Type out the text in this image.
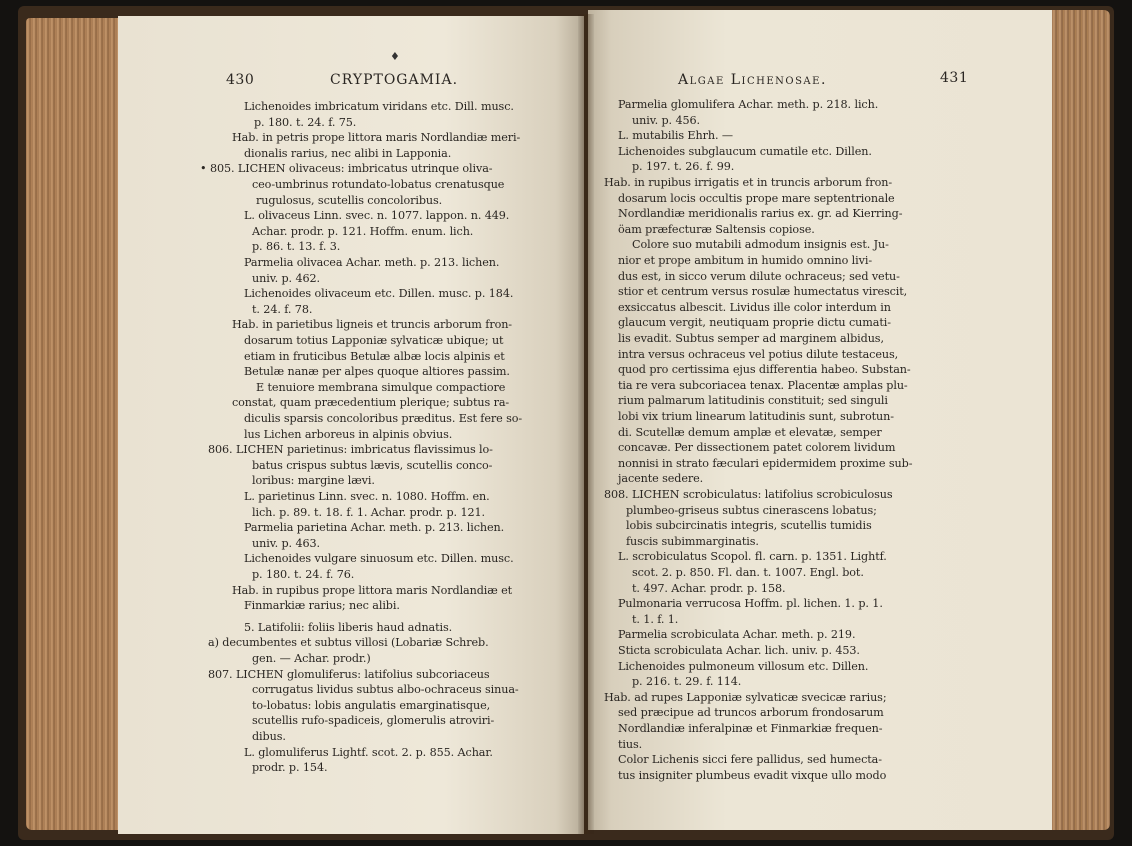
♦
430	CRYPTOGAMIA.
Lichenoides imbricatum viridans etc. Dill. musc.
p. 180. t. 24. f. 75.
Hab. in petris prope littora maris Nordlandiæ meri-
dionalis rarius, nec alibi in Lapponia.
• 805. LICHEN olivaceus: imbricatus utrinque oliva-
ceo-umbrinus rotundato-lobatus crenatusque
rugulosus, scutellis concoloribus.
L. olivaceus Linn. svec. n. 1077. lappon. n. 449.
Achar. prodr. p. 121. Hoffm. enum. lich.
p. 86. t. 13. f. 3.
Parmelia olivacea Achar. meth. p. 213. lichen.
univ. p. 462.
Lichenoides olivaceum etc. Dillen. musc. p. 184.
t. 24. f. 78.
Hab. in parietibus ligneis et truncis arborum fron-
dosarum totius Lapponiæ sylvaticæ ubique; ut
etiam in fruticibus Betulæ albæ locis alpinis et
Betulæ nanæ per alpes quoque altiores passim.
E tenuiore membrana simulque compactiore
constat, quam præcedentium plerique; subtus ra-
diculis sparsis concoloribus præditus. Est fere so-
lus Lichen arboreus in alpinis obvius.
806. LICHEN parietinus: imbricatus flavissimus lo-
batus crispus subtus lævis, scutellis conco-
loribus: margine lævi.
L. parietinus Linn. svec. n. 1080. Hoffm. en.
lich. p. 89. t. 18. f. 1. Achar. prodr. p. 121.
Parmelia parietina Achar. meth. p. 213. lichen.
univ. p. 463.
Lichenoides vulgare sinuosum etc. Dillen. musc.
p. 180. t. 24. f. 76.
Hab. in rupibus prope littora maris Nordlandiæ et
Finmarkiæ rarius; nec alibi.
5. Latifolii: foliis liberis haud adnatis.
a) decumbentes et subtus villosi (Lobariæ Schreb.
gen. — Achar. prodr.)
807. LICHEN glomuliferus: latifolius subcoriaceus
corrugatus lividus subtus albo-ochraceus sinua-
to-lobatus: lobis angulatis emarginatisque,
scutellis rufo-spadiceis, glomerulis atroviri-
dibus.
L. glomuliferus Lightf. scot. 2. p. 855. Achar.
prodr. p. 154.
Algae Lichenosae.	431
Parmelia glomulifera Achar. meth. p. 218. lich.
univ. p. 456.
L. mutabilis Ehrh. —
Lichenoides subglaucum cumatile etc. Dillen.
p. 197. t. 26. f. 99.
Hab. in rupibus irrigatis et in truncis arborum fron-
dosarum locis occultis prope mare septentrionale
Nordlandiæ meridionalis rarius ex. gr. ad Kierring-
öam præfecturæ Saltensis copiose.
Colore suo mutabili admodum insignis est. Ju-
nior et prope ambitum in humido omnino livi-
dus est, in sicco verum dilute ochraceus; sed vetu-
stior et centrum versus rosulæ humectatus virescit,
exsiccatus albescit. Lividus ille color interdum in
glaucum vergit, neutiquam proprie dictu cumati-
lis evadit. Subtus semper ad marginem albidus,
intra versus ochraceus vel potius dilute testaceus,
quod pro certissima ejus differentia habeo. Substan-
tia re vera subcoriacea tenax. Placentæ amplas plu-
rium palmarum latitudinis constituit; sed singuli
lobi vix trium linearum latitudinis sunt, subrotun-
di. Scutellæ demum amplæ et elevatæ, semper
concavæ. Per dissectionem patet colorem lividum
nonnisi in strato fæculari epidermidem proxime sub-
jacente sedere.
808. LICHEN scrobiculatus: latifolius scrobiculosus
plumbeo-griseus subtus cinerascens lobatus;
lobis subcircinatis integris, scutellis tumidis
fuscis subimmarginatis.
L. scrobiculatus Scopol. fl. carn. p. 1351. Lightf.
scot. 2. p. 850. Fl. dan. t. 1007. Engl. bot.
t. 497. Achar. prodr. p. 158.
Pulmonaria verrucosa Hoffm. pl. lichen. 1. p. 1.
t. 1. f. 1.
Parmelia scrobiculata Achar. meth. p. 219.
Sticta scrobiculata Achar. lich. univ. p. 453.
Lichenoides pulmoneum villosum etc. Dillen.
p. 216. t. 29. f. 114.
Hab. ad rupes Lapponiæ sylvaticæ svecicæ rarius;
sed præcipue ad truncos arborum frondosarum
Nordlandiæ inferalpinæ et Finmarkiæ frequen-
tius.
Color Lichenis sicci fere pallidus, sed humecta-
tus insigniter plumbeus evadit vixque ullo modo
